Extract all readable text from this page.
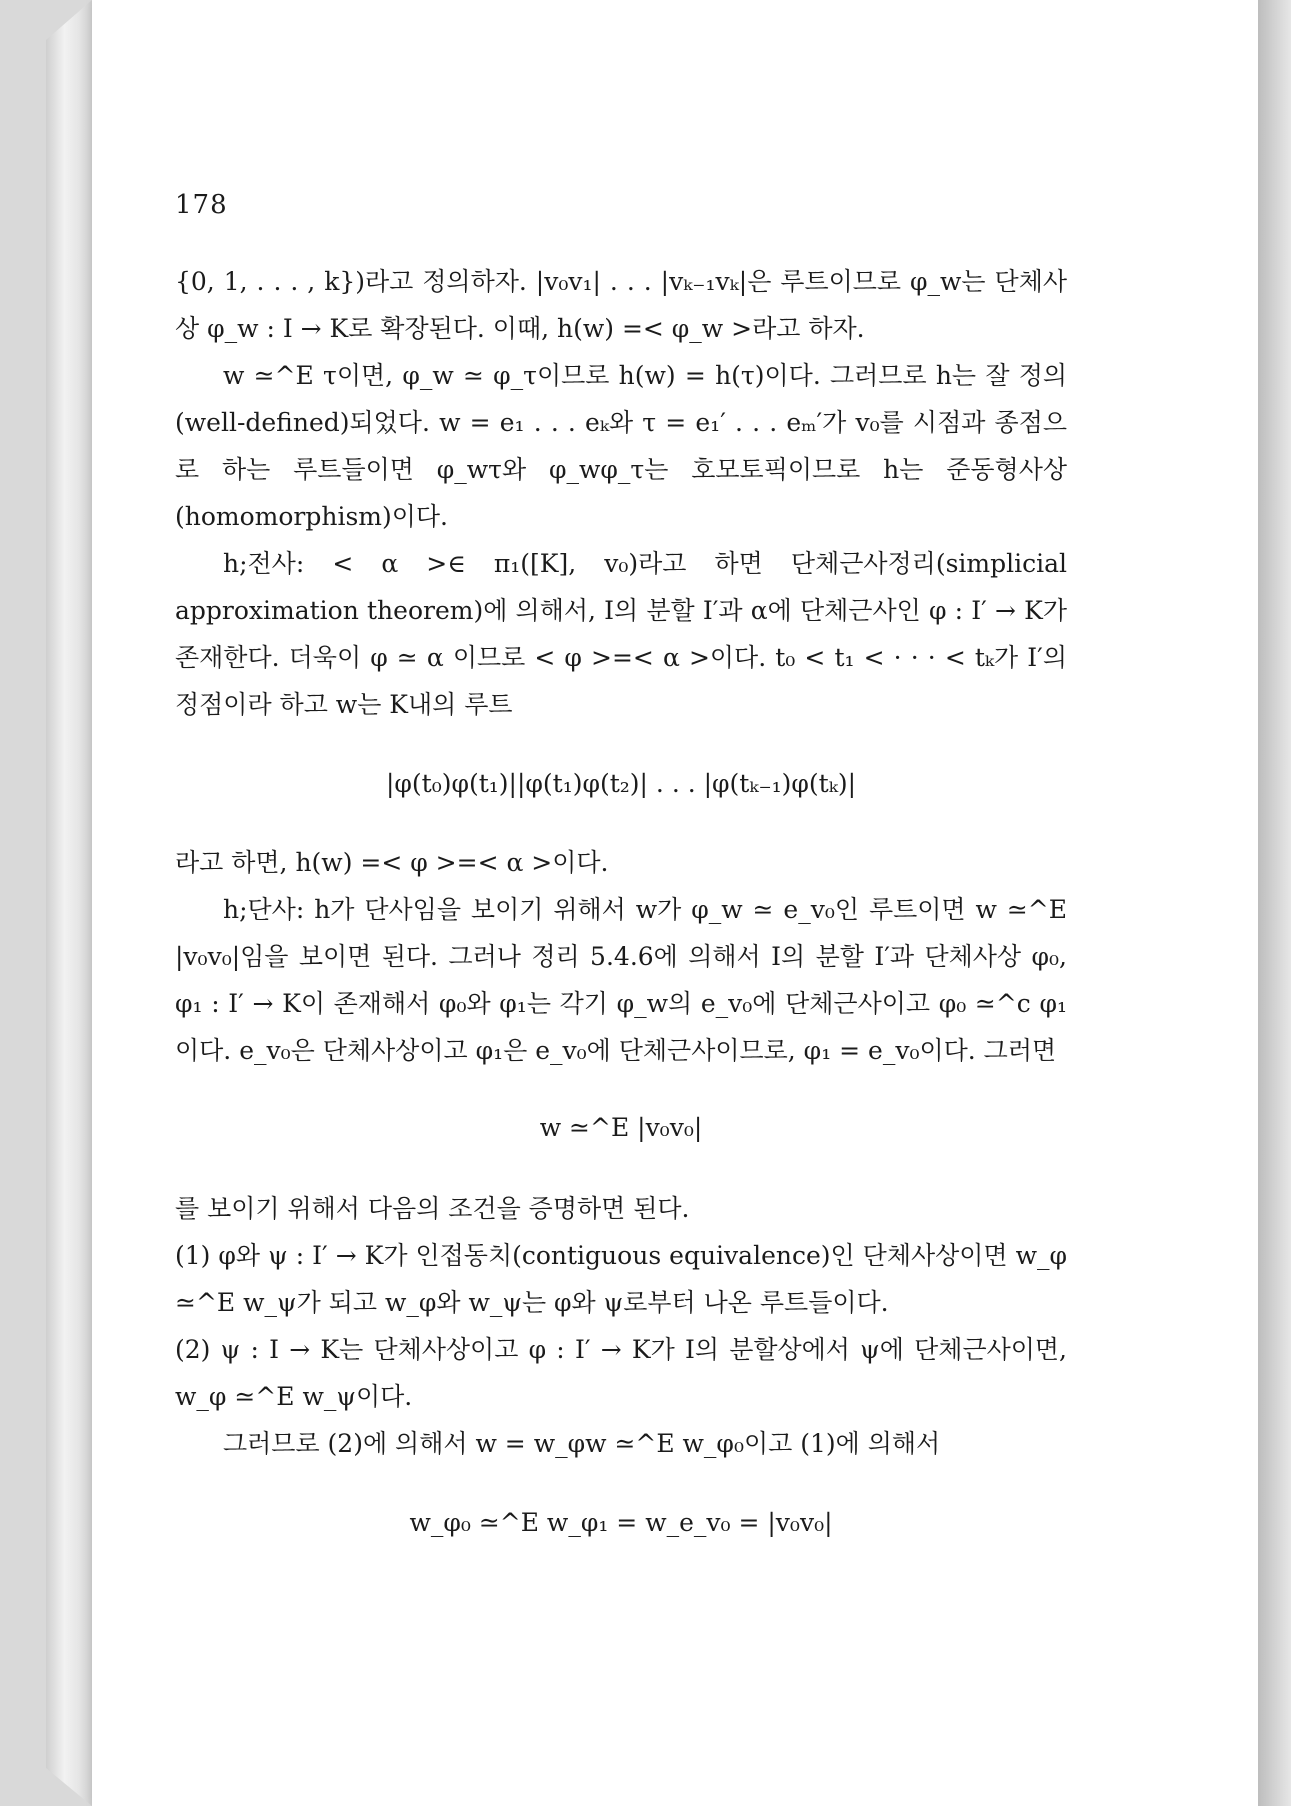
178

{0, 1, . . . , k})라고 정의하자. |v₀v₁| . . . |vₖ₋₁vₖ|은 루트이므로 φ_w는 단체사상 φ_w : I → K로 확장된다. 이때, h(w) =< φ_w >라고 하자.

w ≃^E τ이면, φ_w ≃ φ_τ이므로 h(w) = h(τ)이다. 그러므로 h는 잘 정의(well-defined)되었다. w = e₁ . . . eₖ와 τ = e₁′ . . . eₘ′가 v₀를 시점과 종점으로 하는 루트들이면 φ_wτ와 φ_wφ_τ는 호모토픽이므로 h는 준동형사상(homomorphism)이다.

h;전사: < α >∈ π₁([K], v₀)라고 하면 단체근사정리(simplicial approximation theorem)에 의해서, I의 분할 I′과 α에 단체근사인 φ : I′ → K가 존재한다. 더욱이 φ ≃ α 이므로 < φ >=< α >이다. t₀ < t₁ < · · · < tₖ가 I′의 정점이라 하고 w는 K내의 루트

|φ(t₀)φ(t₁)||φ(t₁)φ(t₂)| . . . |φ(tₖ₋₁)φ(tₖ)|

라고 하면, h(w) =< φ >=< α >이다.

h;단사: h가 단사임을 보이기 위해서 w가 φ_w ≃ e_v₀인 루트이면 w ≃^E |v₀v₀|임을 보이면 된다. 그러나 정리 5.4.6에 의해서 I의 분할 I′과 단체사상 φ₀, φ₁ : I′ → K이 존재해서 φ₀와 φ₁는 각기 φ_w의 e_v₀에 단체근사이고 φ₀ ≃^c φ₁이다. e_v₀은 단체사상이고 φ₁은 e_v₀에 단체근사이므로, φ₁ = e_v₀이다. 그러면

w ≃^E |v₀v₀|

를 보이기 위해서 다음의 조건을 증명하면 된다.

(1) φ와 ψ : I′ → K가 인접동치(contiguous equivalence)인 단체사상이면 w_φ ≃^E w_ψ가 되고 w_φ와 w_ψ는 φ와 ψ로부터 나온 루트들이다.

(2) ψ : I → K는 단체사상이고 φ : I′ → K가 I의 분할상에서 ψ에 단체근사이면, w_φ ≃^E w_ψ이다.

그러므로 (2)에 의해서 w = w_φw ≃^E w_φ₀이고 (1)에 의해서

w_φ₀ ≃^E w_φ₁ = w_e_v₀ = |v₀v₀|
